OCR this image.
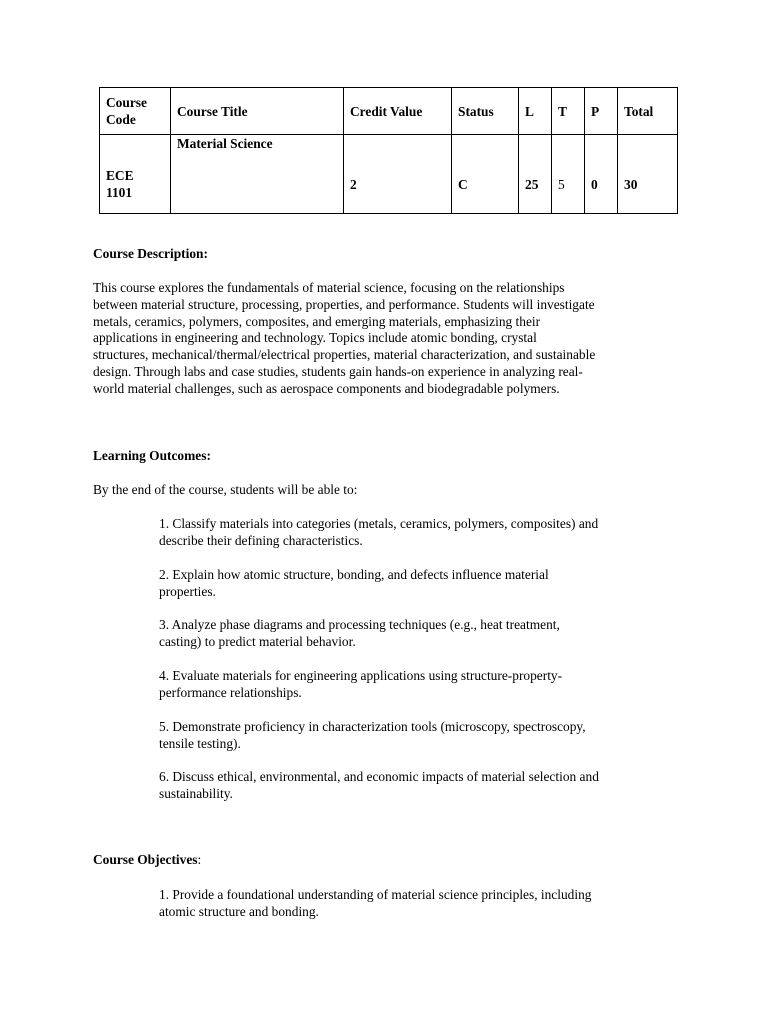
Course
Code	Course Title	Credit Value	Status	L	T	P	Total
ECE
1101	Material Science	2	C	25	5	0	30
Course Description:
This course explores the fundamentals of material science, focusing on the relationships
between material structure, processing, properties, and performance. Students will investigate
metals, ceramics, polymers, composites, and emerging materials, emphasizing their
applications in engineering and technology. Topics include atomic bonding, crystal
structures, mechanical/thermal/electrical properties, material characterization, and sustainable
design. Through labs and case studies, students gain hands-on experience in analyzing real-
world material challenges, such as aerospace components and biodegradable polymers.
Learning Outcomes:
By the end of the course, students will be able to:
1. Classify materials into categories (metals, ceramics, polymers, composites) and
describe their defining characteristics.
2. Explain how atomic structure, bonding, and defects influence material
properties.
3. Analyze phase diagrams and processing techniques (e.g., heat treatment,
casting) to predict material behavior.
4. Evaluate materials for engineering applications using structure-property-
performance relationships.
5. Demonstrate proficiency in characterization tools (microscopy, spectroscopy,
tensile testing).
6. Discuss ethical, environmental, and economic impacts of material selection and
sustainability.
Course Objectives:
1. Provide a foundational understanding of material science principles, including
atomic structure and bonding.
